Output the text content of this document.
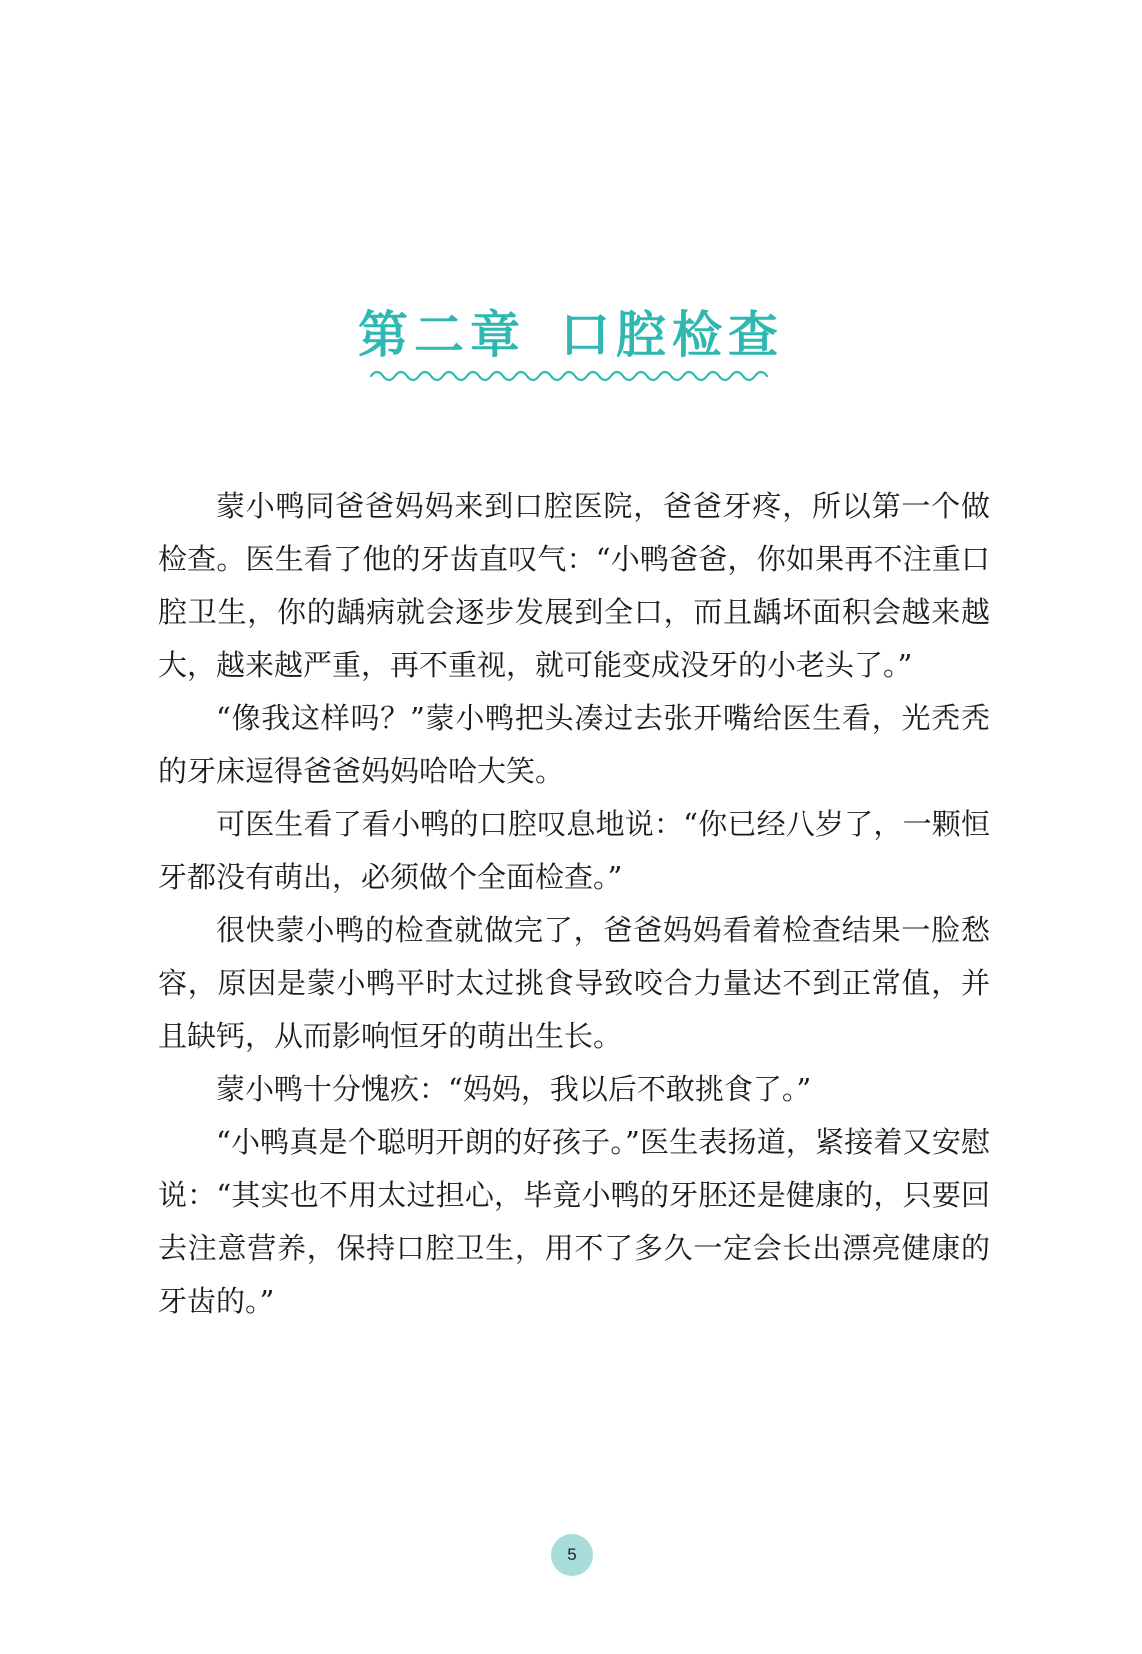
第二章 口腔检查

蒙小鸭同爸爸妈妈来到口腔医院，爸爸牙疼，所以第一个做检查。医生看了他的牙齿直叹气：“小鸭爸爸，你如果再不注重口腔卫生，你的龋病就会逐步发展到全口，而且龋坏面积会越来越大，越来越严重，再不重视，就可能变成没牙的小老头了。”

“像我这样吗？”蒙小鸭把头凑过去张开嘴给医生看，光秃秃的牙床逗得爸爸妈妈哈哈大笑。

可医生看了看小鸭的口腔叹息地说：“你已经八岁了，一颗恒牙都没有萌出，必须做个全面检查。”

很快蒙小鸭的检查就做完了，爸爸妈妈看着检查结果一脸愁容，原因是蒙小鸭平时太过挑食导致咬合力量达不到正常值，并且缺钙，从而影响恒牙的萌出生长。

蒙小鸭十分愧疚：“妈妈，我以后不敢挑食了。”

“小鸭真是个聪明开朗的好孩子。”医生表扬道，紧接着又安慰说：“其实也不用太过担心，毕竟小鸭的牙胚还是健康的，只要回去注意营养，保持口腔卫生，用不了多久一定会长出漂亮健康的牙齿的。”

5
